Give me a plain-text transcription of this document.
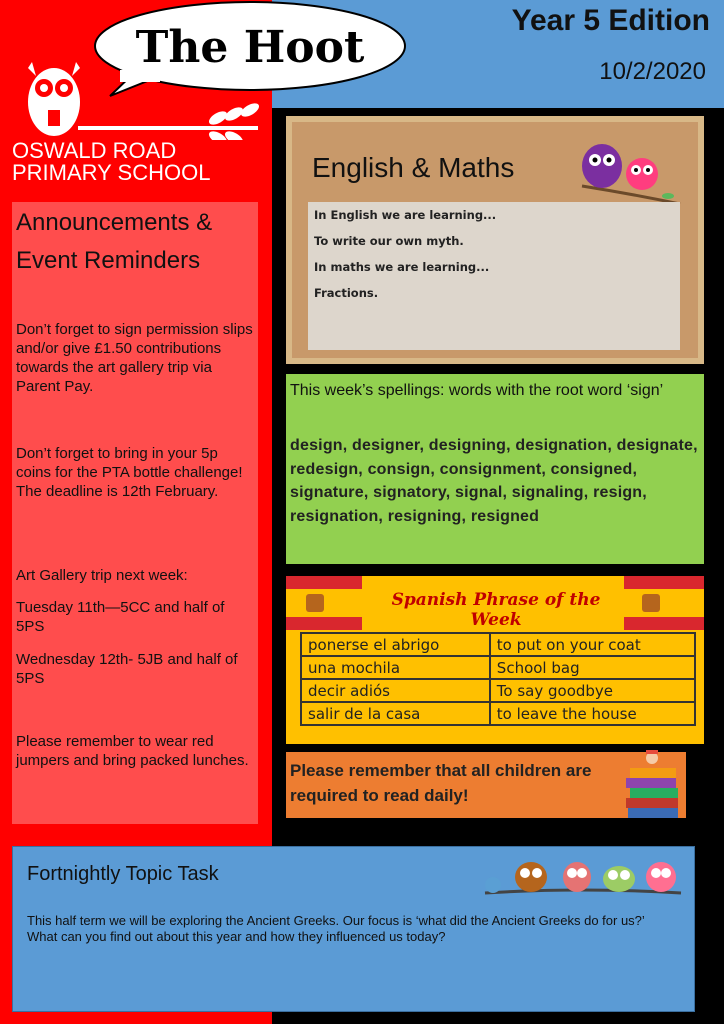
The Hoot
Year 5 Edition
10/2/2020
OSWALD ROAD
PRIMARY SCHOOL
Announcements & Event Reminders
Don’t forget to sign permission slips and/or give £1.50 contributions towards the art gallery trip via Parent Pay.
Don’t forget to bring in your 5p coins for the PTA bottle challenge! The deadline is 12th February.
Art Gallery trip next week:
Tuesday 11th—5CC and half of 5PS
Wednesday 12th- 5JB and half of 5PS
Please remember to wear red jumpers and bring packed lunches.
English & Maths
In English we are learning...
To write our own myth.
In maths we are learning...
Fractions.
This week’s spellings: words with the root word ‘sign’
design, designer, designing, designation, designate, redesign, consign, consignment, consigned, signature, signatory, signal, signaling, resign, resignation, resigning, resigned
Spanish Phrase of the Week
ponerse el abrigo	to put on your coat
una mochila	School bag
decir adiós	To say goodbye
salir de la casa	to leave the house
Please remember that all children are required to read daily!
Fortnightly Topic Task
This half term we will be exploring the Ancient Greeks. Our focus is ‘what did the Ancient Greeks do for us?’ What can you find out about this year and how they influenced us today?
